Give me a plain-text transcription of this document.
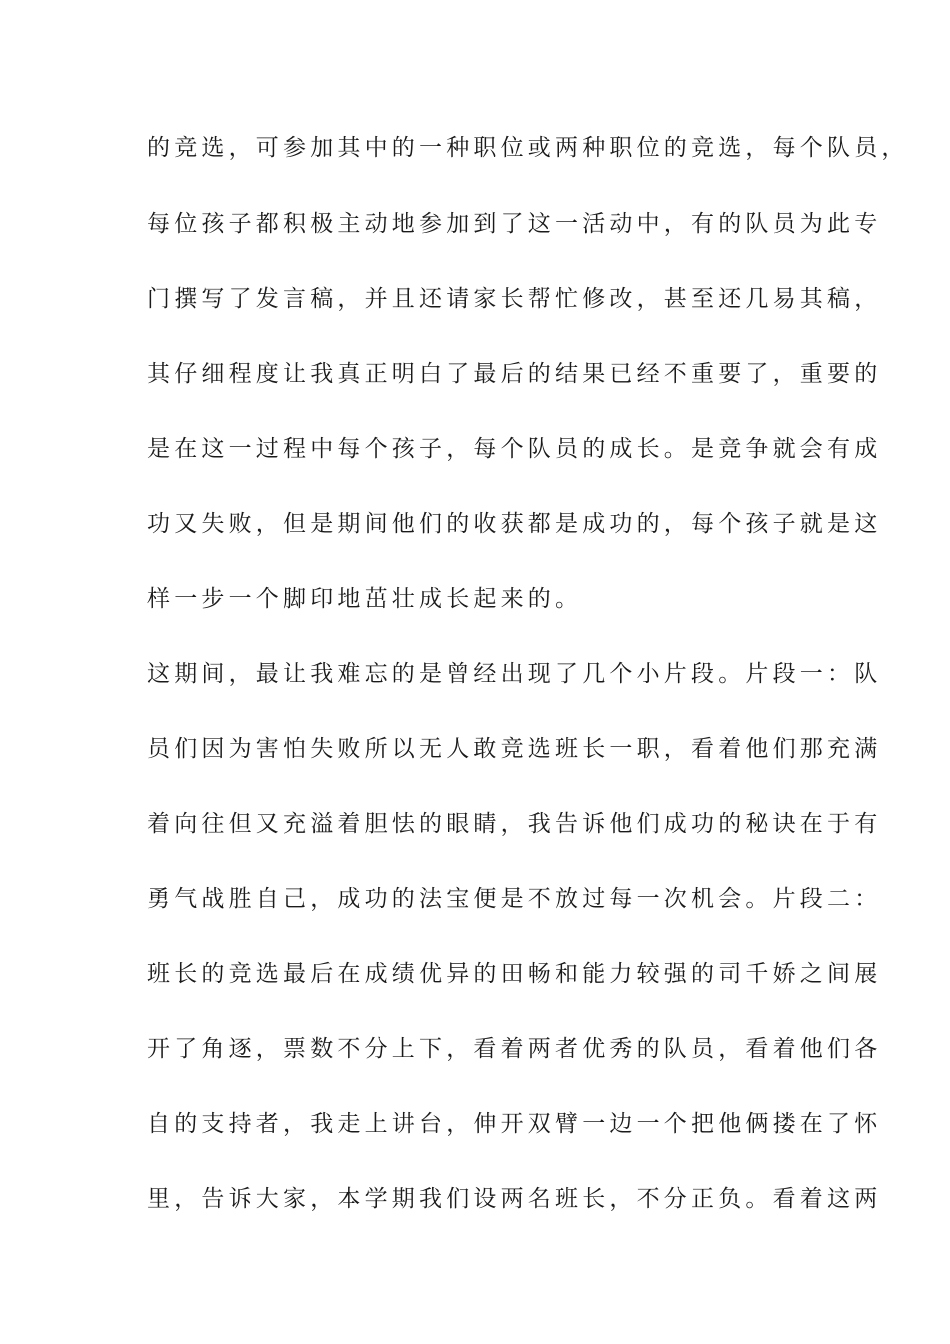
的竞选，可参加其中的一种职位或两种职位的竞选，每个队员，
每位孩子都积极主动地参加到了这一活动中，有的队员为此专
门撰写了发言稿，并且还请家长帮忙修改，甚至还几易其稿，
其仔细程度让我真正明白了最后的结果已经不重要了，重要的
是在这一过程中每个孩子，每个队员的成长。是竞争就会有成
功又失败，但是期间他们的收获都是成功的，每个孩子就是这
样一步一个脚印地茁壮成长起来的。
这期间，最让我难忘的是曾经出现了几个小片段。片段一：队
员们因为害怕失败所以无人敢竞选班长一职，看着他们那充满
着向往但又充溢着胆怯的眼睛，我告诉他们成功的秘诀在于有
勇气战胜自己，成功的法宝便是不放过每一次机会。片段二：
班长的竞选最后在成绩优异的田畅和能力较强的司千娇之间展
开了角逐，票数不分上下，看着两者优秀的队员，看着他们各
自的支持者，我走上讲台，伸开双臂一边一个把他俩搂在了怀
里，告诉大家，本学期我们设两名班长，不分正负。看着这两
